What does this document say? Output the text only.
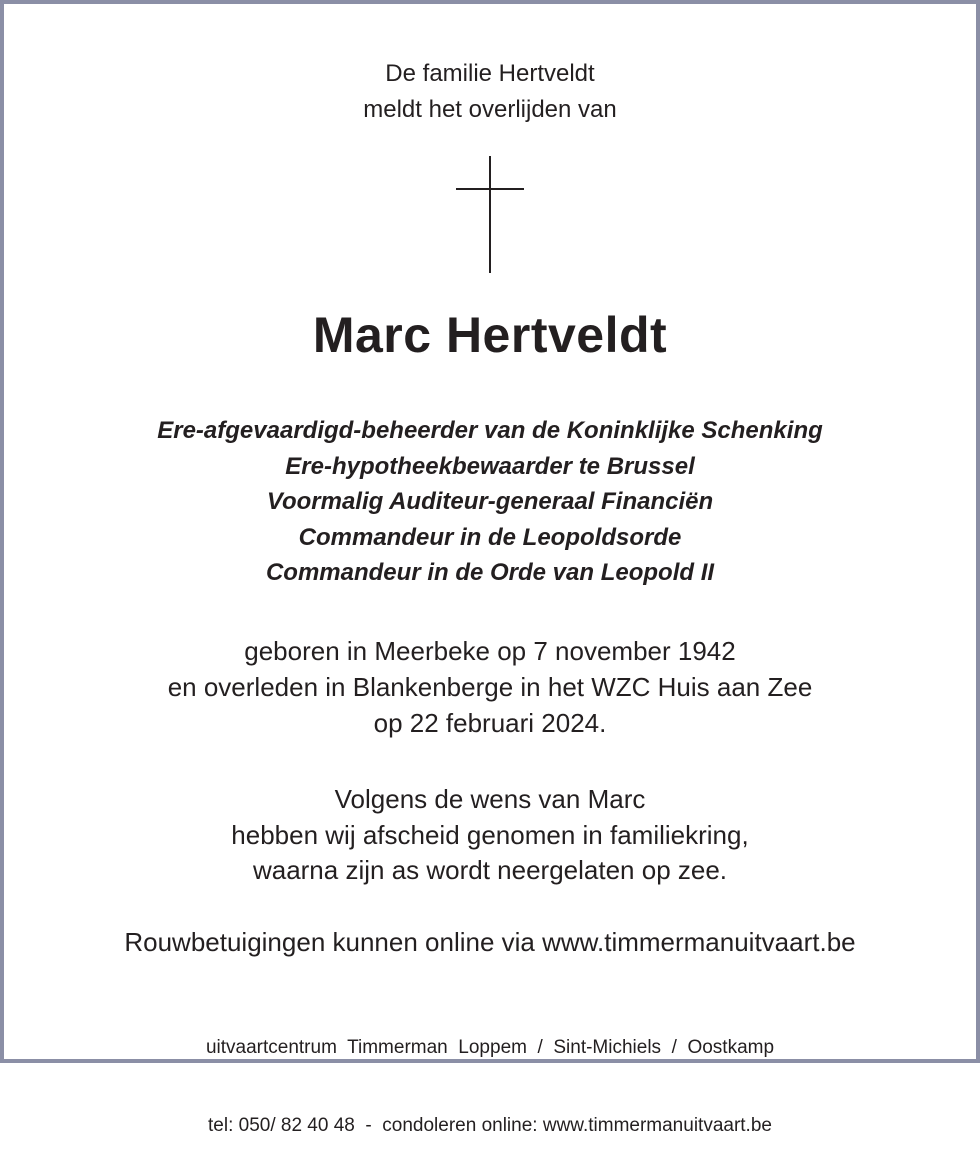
De familie Hertveldt
meldt het overlijden van
Marc Hertveldt
Ere-afgevaardigd-beheerder van de Koninklijke Schenking
Ere-hypotheekbewaarder te Brussel
Voormalig Auditeur-generaal Financiën
Commandeur in de Leopoldsorde
Commandeur in de Orde van Leopold II
geboren in Meerbeke op 7 november 1942
en overleden in Blankenberge in het WZC Huis aan Zee
op 22 februari 2024.
Volgens de wens van Marc
hebben wij afscheid genomen in familiekring,
waarna zijn as wordt neergelaten op zee.
Rouwbetuigingen kunnen online via www.timmermanuitvaart.be

uitvaartcentrum  Timmerman  Loppem  /  Sint-Michiels  /  Oostkamp

tel: 050/ 82 40 48  -  condoleren online: www.timmermanuitvaart.be
